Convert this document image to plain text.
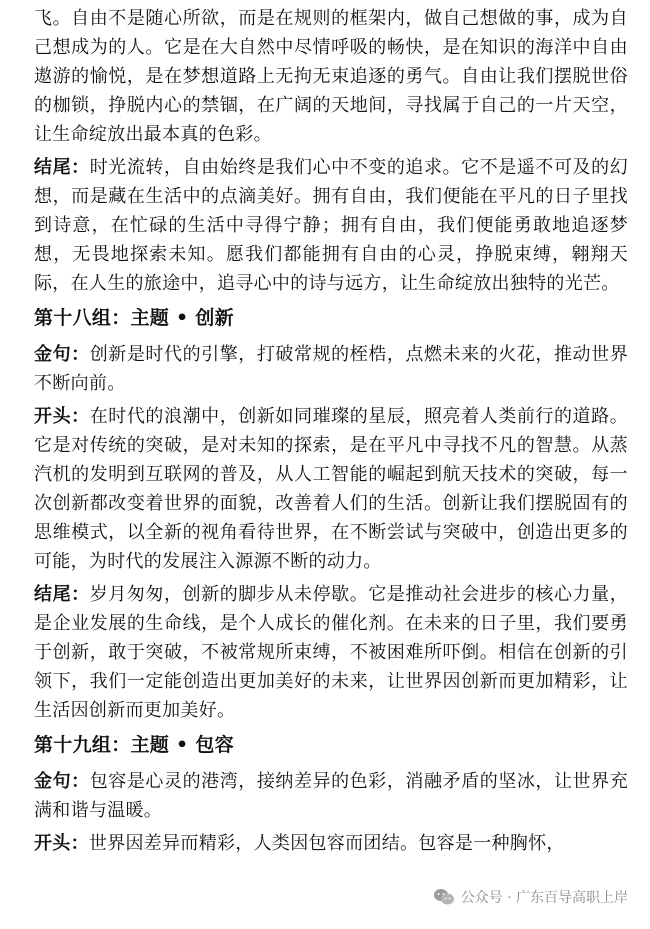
飞。自由不是随心所欲，而是在规则的框架内，做自己想做的事，成为自己想成为的人。它是在大自然中尽情呼吸的畅快，是在知识的海洋中自由遨游的愉悦，是在梦想道路上无拘无束追逐的勇气。自由让我们摆脱世俗的枷锁，挣脱内心的禁锢，在广阔的天地间，寻找属于自己的一片天空，让生命绽放出最本真的色彩。

结尾：时光流转，自由始终是我们心中不变的追求。它不是遥不可及的幻想，而是藏在生活中的点滴美好。拥有自由，我们便能在平凡的日子里找到诗意，在忙碌的生活中寻得宁静；拥有自由，我们便能勇敢地追逐梦想，无畏地探索未知。愿我们都能拥有自由的心灵，挣脱束缚，翱翔天际，在人生的旅途中，追寻心中的诗与远方，让生命绽放出独特的光芒。

第十八组：主题 • 创新

金句：创新是时代的引擎，打破常规的桎梏，点燃未来的火花，推动世界不断向前。

开头：在时代的浪潮中，创新如同璀璨的星辰，照亮着人类前行的道路。它是对传统的突破，是对未知的探索，是在平凡中寻找不凡的智慧。从蒸汽机的发明到互联网的普及，从人工智能的崛起到航天技术的突破，每一次创新都改变着世界的面貌，改善着人们的生活。创新让我们摆脱固有的思维模式，以全新的视角看待世界，在不断尝试与突破中，创造出更多的可能，为时代的发展注入源源不断的动力。

结尾：岁月匆匆，创新的脚步从未停歇。它是推动社会进步的核心力量，是企业发展的生命线，是个人成长的催化剂。在未来的日子里，我们要勇于创新，敢于突破，不被常规所束缚，不被困难所吓倒。相信在创新的引领下，我们一定能创造出更加美好的未来，让世界因创新而更加精彩，让生活因创新而更加美好。

第十九组：主题 • 包容

金句：包容是心灵的港湾，接纳差异的色彩，消融矛盾的坚冰，让世界充满和谐与温暖。

开头：世界因差异而精彩，人类因包容而团结。包容是一种胸怀，

公众号 · 广东百导高职上岸
